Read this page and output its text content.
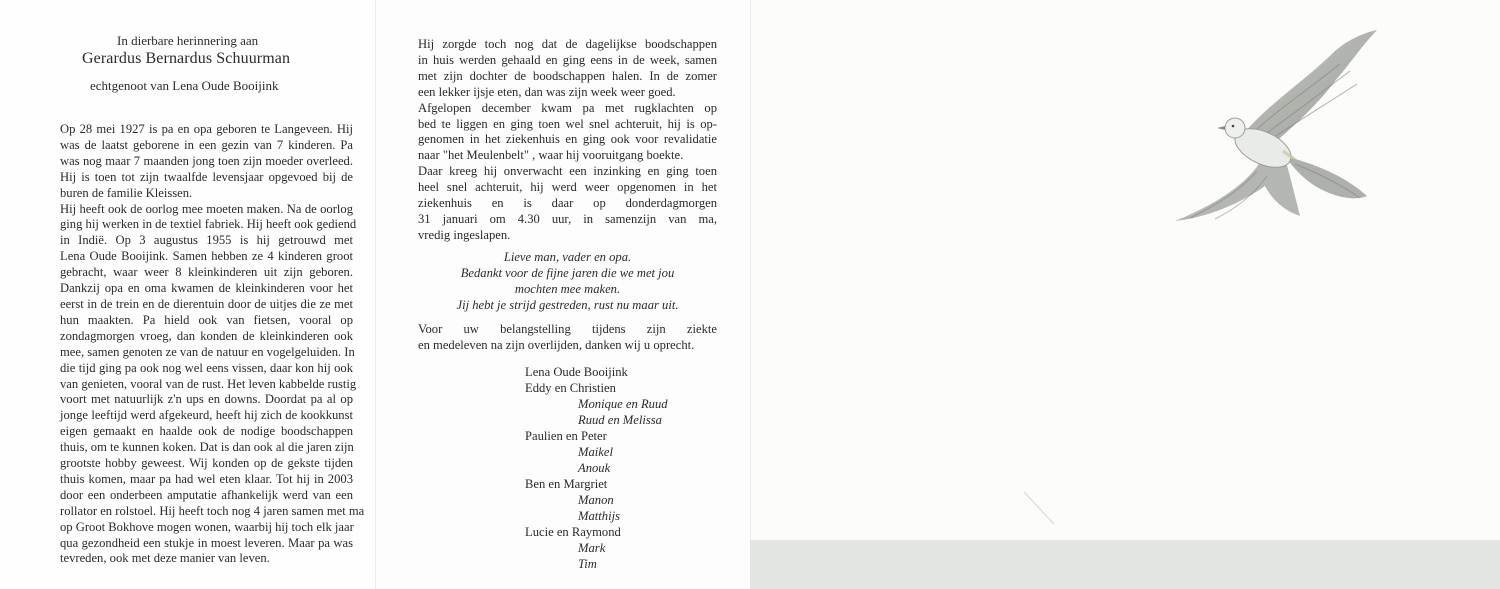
In dierbare herinnering aan
Gerardus Bernardus Schuurman
echtgenoot van Lena Oude Booijink
Op 28 mei 1927 is pa en opa geboren te Langeveen. Hij
was de laatst geborene in een gezin van 7 kinderen. Pa
was nog maar 7 maanden jong toen zijn moeder overleed.
Hij is toen tot zijn twaalfde levensjaar opgevoed bij de
buren de familie Kleissen.
Hij heeft ook de oorlog mee moeten maken. Na de oorlog
ging hij werken in de textiel fabriek. Hij heeft ook gediend
in Indië. Op 3 augustus 1955 is hij getrouwd met
Lena Oude Booijink. Samen hebben ze 4 kinderen groot
gebracht, waar weer 8 kleinkinderen uit zijn geboren.
Dankzij opa en oma kwamen de kleinkinderen voor het
eerst in de trein en de dierentuin door de uitjes die ze met
hun maakten. Pa hield ook van fietsen, vooral op
zondagmorgen vroeg, dan konden de kleinkinderen ook
mee, samen genoten ze van de natuur en vogelgeluiden. In
die tijd ging pa ook nog wel eens vissen, daar kon hij ook
van genieten, vooral van de rust. Het leven kabbelde rustig
voort met natuurlijk z'n ups en downs. Doordat pa al op
jonge leeftijd werd afgekeurd, heeft hij zich de kookkunst
eigen gemaakt en haalde ook de nodige boodschappen
thuis, om te kunnen koken. Dat is dan ook al die jaren zijn
grootste hobby geweest. Wij konden op de gekste tijden
thuis komen, maar pa had wel eten klaar. Tot hij in 2003
door een onderbeen amputatie afhankelijk werd van een
rollator en rolstoel. Hij heeft toch nog 4 jaren samen met ma
op Groot Bokhove mogen wonen, waarbij hij toch elk jaar
qua gezondheid een stukje in moest leveren. Maar pa was
tevreden, ook met deze manier van leven.
Hij zorgde toch nog dat de dagelijkse boodschappen
in huis werden gehaald en ging eens in de week, samen
met zijn dochter de boodschappen halen. In de zomer
een lekker ijsje eten, dan was zijn week weer goed.
Afgelopen december kwam pa met rugklachten op
bed te liggen en ging toen wel snel achteruit, hij is op-
genomen in het ziekenhuis en ging ook voor revalidatie
naar "het Meulenbelt" , waar hij vooruitgang boekte.
Daar kreeg hij onverwacht een inzinking en ging toen
heel snel achteruit, hij werd weer opgenomen in het
ziekenhuis en is daar op donderdagmorgen
31 januari om 4.30 uur, in samenzijn van ma,
vredig ingeslapen.
Lieve man, vader en opa.
Bedankt voor de fijne jaren die we met jou
mochten mee maken.
Jij hebt je strijd gestreden, rust nu maar uit.
Voor uw belangstelling tijdens zijn ziekte
en medeleven na zijn overlijden, danken wij u oprecht.
Lena Oude Booijink
Eddy en Christien
Monique en Ruud
Ruud en Melissa
Paulien en Peter
Maikel
Anouk
Ben en Margriet
Manon
Matthijs
Lucie en Raymond
Mark
Tim
